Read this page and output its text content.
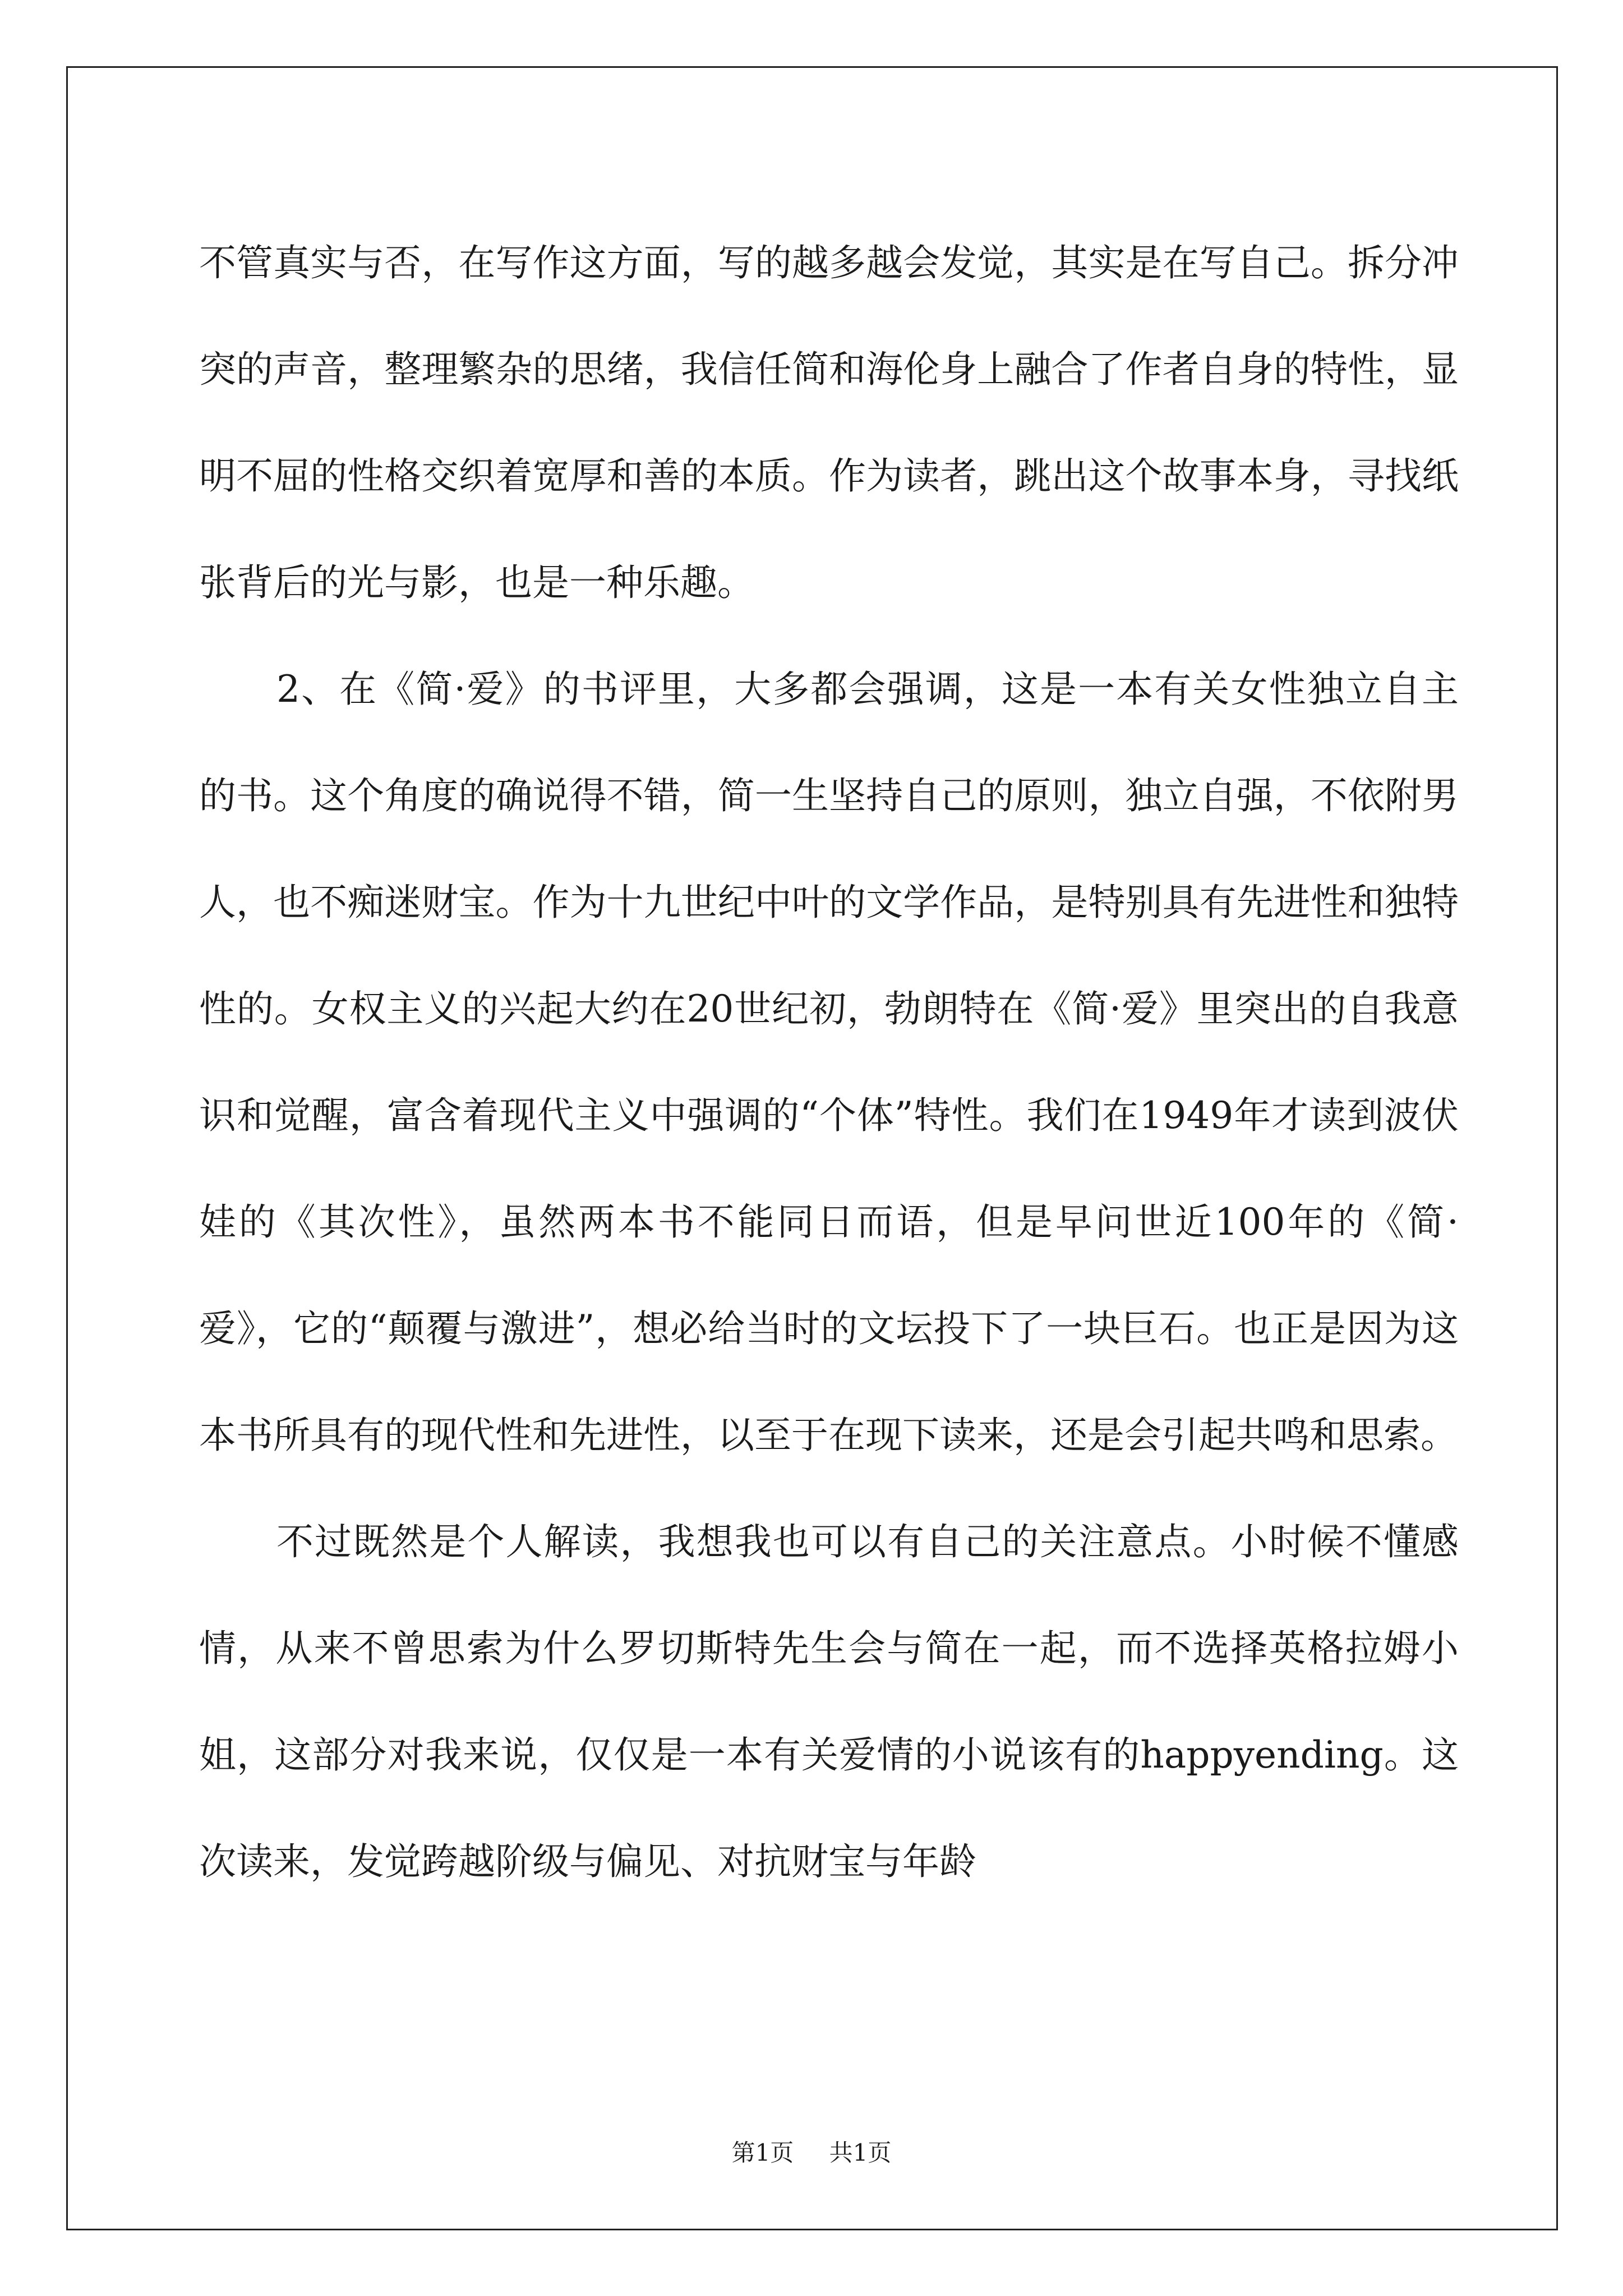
不管真实与否，在写作这方面，写的越多越会发觉，其实是在写自己。拆分冲突的声音，整理繁杂的思绪，我信任简和海伦身上融合了作者自身的特性，显明不屈的性格交织着宽厚和善的本质。作为读者，跳出这个故事本身，寻找纸张背后的光与影，也是一种乐趣。

2、在《简·爱》的书评里，大多都会强调，这是一本有关女性独立自主的书。这个角度的确说得不错，简一生坚持自己的原则，独立自强，不依附男人，也不痴迷财宝。作为十九世纪中叶的文学作品，是特别具有先进性和独特性的。女权主义的兴起大约在20世纪初，勃朗特在《简·爱》里突出的自我意识和觉醒，富含着现代主义中强调的“个体”特性。我们在1949年才读到波伏娃的《其次性》，虽然两本书不能同日而语，但是早问世近100年的《简·爱》，它的“颠覆与激进”，想必给当时的文坛投下了一块巨石。也正是因为这本书所具有的现代性和先进性，以至于在现下读来，还是会引起共鸣和思索。

不过既然是个人解读，我想我也可以有自己的关注意点。小时候不懂感情，从来不曾思索为什么罗切斯特先生会与简在一起，而不选择英格拉姆小姐，这部分对我来说，仅仅是一本有关爱情的小说该有的happyending。这次读来，发觉跨越阶级与偏见、对抗财宝与年龄

第1页 共1页
